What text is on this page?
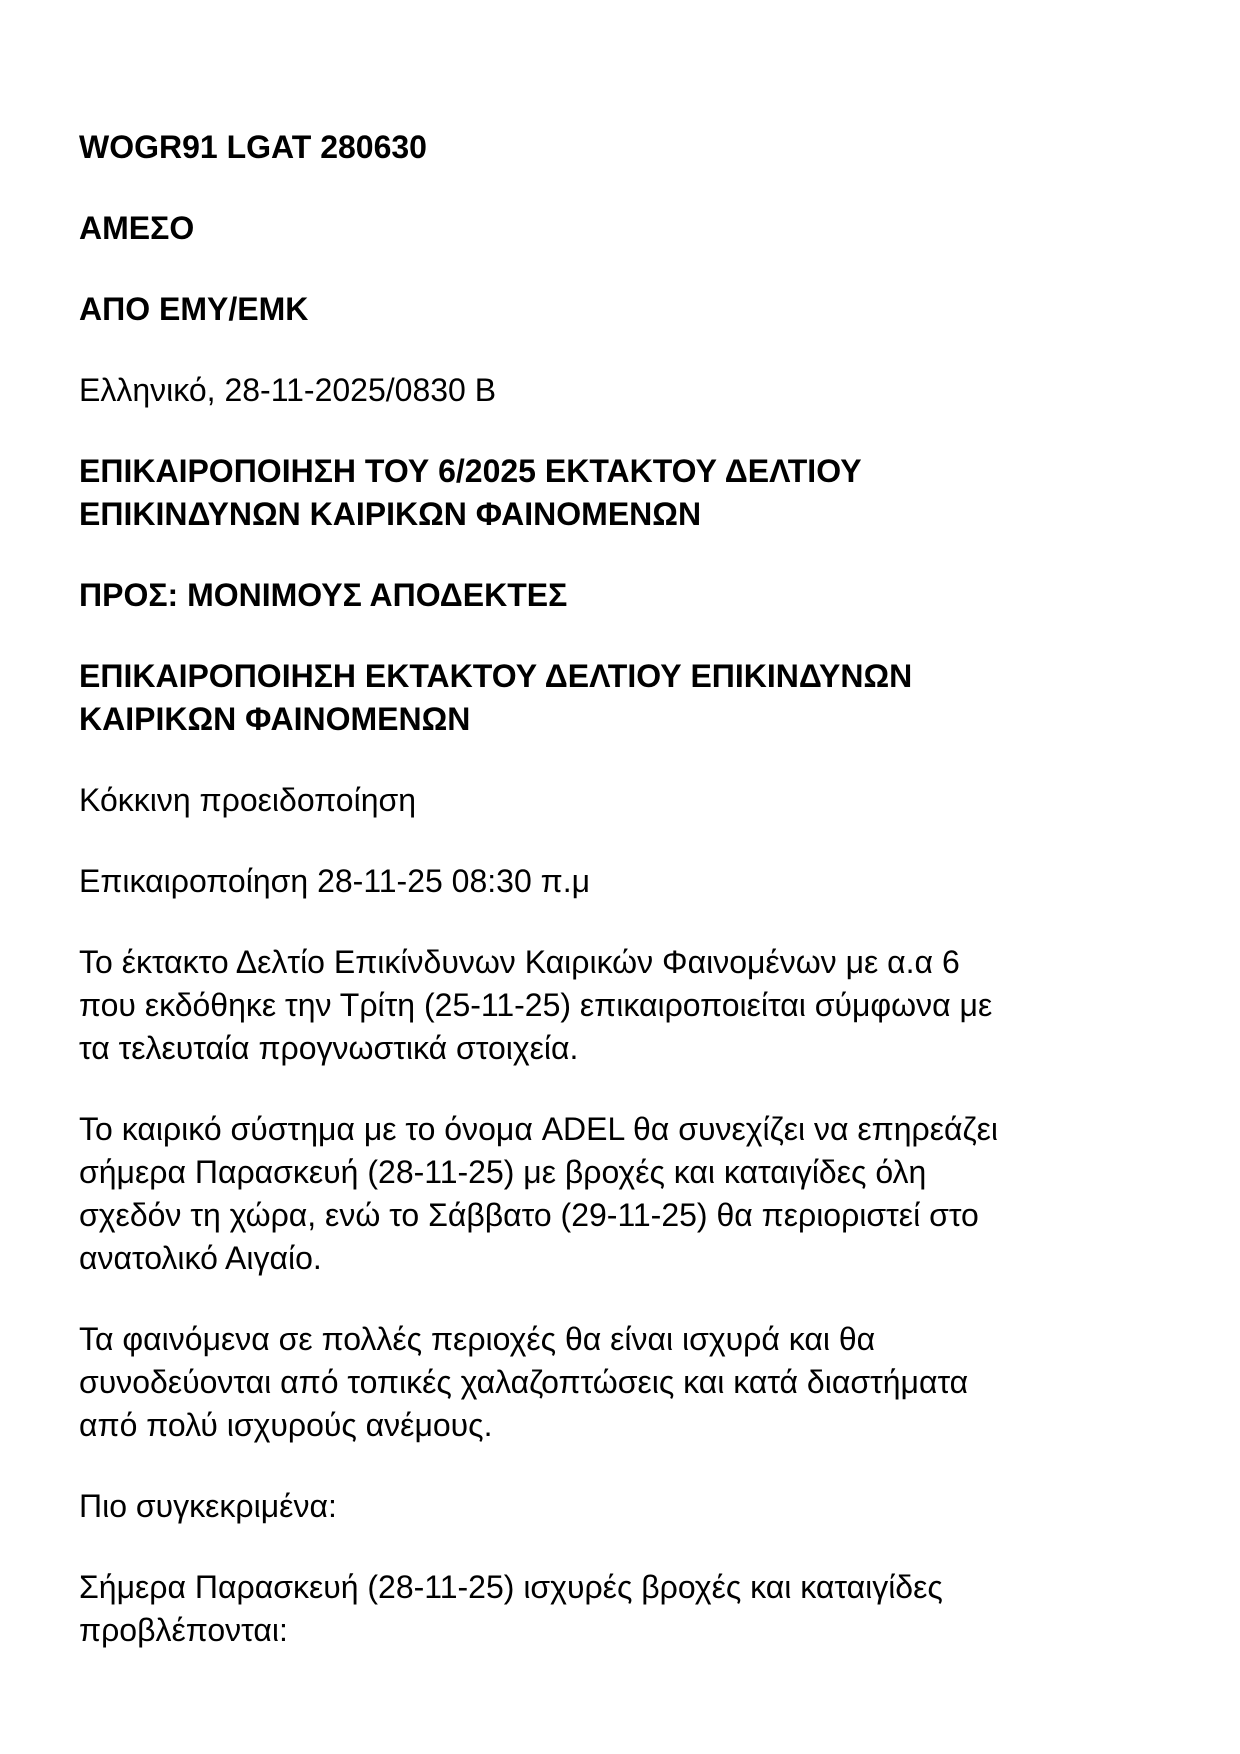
WOGR91 LGAT 280630

ΑΜΕΣΟ

ΑΠΟ ΕΜΥ/ΕΜΚ

Ελληνικό, 28-11-2025/0830 B

ΕΠΙΚΑΙΡΟΠΟΙΗΣΗ ΤΟΥ 6/2025 ΕΚΤΑΚΤΟΥ ΔΕΛΤΙΟΥ
ΕΠΙΚΙΝΔΥΝΩΝ ΚΑΙΡΙΚΩΝ ΦΑΙΝΟΜΕΝΩΝ

ΠΡΟΣ: ΜΟΝΙΜΟΥΣ ΑΠΟΔΕΚΤΕΣ

ΕΠΙΚΑΙΡΟΠΟΙΗΣΗ ΕΚΤΑΚΤΟΥ ΔΕΛΤΙΟΥ ΕΠΙΚΙΝΔΥΝΩΝ
ΚΑΙΡΙΚΩΝ ΦΑΙΝΟΜΕΝΩΝ

Κόκκινη προειδοποίηση

Επικαιροποίηση 28-11-25 08:30 π.μ

Το έκτακτο Δελτίο Επικίνδυνων Καιρικών Φαινομένων με α.α 6
που εκδόθηκε την Τρίτη (25-11-25) επικαιροποιείται σύμφωνα με
τα τελευταία προγνωστικά στοιχεία.

Το καιρικό σύστημα με το όνομα ADEL θα συνεχίζει να επηρεάζει
σήμερα Παρασκευή (28-11-25) με βροχές και καταιγίδες όλη
σχεδόν τη χώρα, ενώ το Σάββατο (29-11-25) θα περιοριστεί στο
ανατολικό Αιγαίο.

Τα φαινόμενα σε πολλές περιοχές θα είναι ισχυρά και θα
συνοδεύονται από τοπικές χαλαζοπτώσεις και κατά διαστήματα
από πολύ ισχυρούς ανέμους.

Πιο συγκεκριμένα:

Σήμερα Παρασκευή (28-11-25) ισχυρές βροχές και καταιγίδες
προβλέπονται:
